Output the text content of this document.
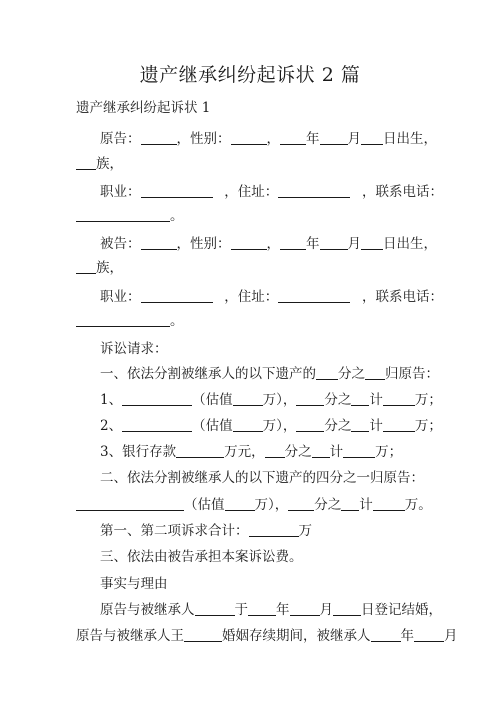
遗产继承纠纷起诉状 2 篇
遗产继承纠纷起诉状 1
原告：	，性别：	， 年 月 日出生，
族，
职业：	，住址：	，联系电话：
。
被告：	，性别：	， 年 月 日出生，
族，
职业：	，住址：	，联系电话：
。
诉讼请求：
一、依法分割被继承人的以下遗产的 分之 归原告：
1、	（估值 万）， 分之 计 万；
2、	（估值 万）， 分之 计 万；
3、银行存款	万元， 分之 计 万；
二、依法分割被继承人的以下遗产的四分之一归原告：
（估值 万）， 分之 计 万。
第一、第二项诉求合计：	万
三、依法由被告承担本案诉讼费。
事实与理由
原告与被继承人	于 年 月 日登记结婚，
原告与被继承人王	婚姻存续期间，被继承人 年 月
